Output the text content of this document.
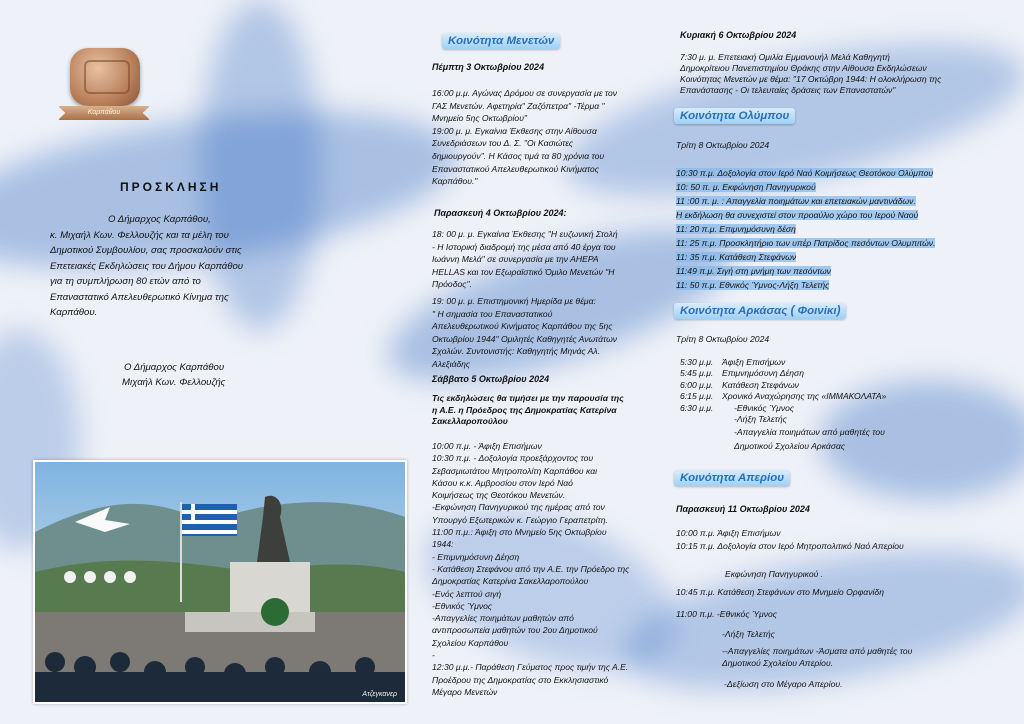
Καρπάθου
ΠΡΟΣΚΛΗΣΗ
Ο Δήμαρχος Καρπάθου,
κ. Μιχαήλ Κων. Φελλουζής και τα μέλη του
Δημοτικού Συμβουλίου, σας προσκαλούν στις
Επετειακές Εκδηλώσεις του Δήμου Καρπάθου
για τη συμπλήρωση 80 ετών από το
Επαναστατικό Απελευθερωτικό Κίνημα της
Καρπάθου.
Ο Δήμαρχος Καρπάθου
Μιχαήλ Κων. Φελλουζής
Ατζεγκανερ
Κοινότητα Μενετών
Πέμπτη 3 Οκτωβρίου 2024
16:00 μ.μ. Αγώνας Δρόμου σε συνεργασία με τον
ΓΑΣ Μενετών. Αφετηρία" Ζαζόπετρα" -Τέρμα "
Μνημείο 5ης Οκτωβρίου"
19:00 μ. μ. Εγκαίνια Έκθεσης στην Αίθουσα
Συνεδριάσεων του Δ. Σ. "Οι Κασιώτες
δημιουργούν". Η Κάσος τιμά τα 80 χρόνια του
Επαναστατικού Απελευθερωτικού Κινήματος
Καρπάθου."
Παρασκευή 4 Οκτωβρίου 2024:
18: 00 μ. μ. Εγκαίνια Έκθεσης "Η ευζωνική Στολή
- Η Ιστορική διαδρομή της μέσα από 40 έργα του
Ιωάννη Μελά" σε συνεργασία με την ΑΗΕΡΑ
HELLAS και τον Εξωραϊστικό Όμιλο Μενετών "Η
Πρόοδος".
19: 00 μ. μ. Επιστημονική Ημερίδα με θέμα:
" Η σημασία του Επαναστατικού
Απελευθερωτικού Κινήματος Καρπάθου της 5ης
Οκτωβρίου 1944" Ομιλητές Καθηγητές Ανωτάτων
Σχολών. Συντονιστής: Καθηγητής Μηνάς Αλ.
Αλεξιάδης
Σάββατο 5 Οκτωβρίου 2024
Τις εκδηλώσεις θα τιμήσει με την παρουσία της
η Α.Ε. η Πρόεδρος της Δημοκρατίας Κατερίνα
Σακελλαροπούλου
10:00 π.μ. - Άφιξη Επισήμων
10:30 π.μ. - Δοξολογία προεξάρχοντος του
Σεβασμιωτάτου Μητροπολίτη Καρπάθου και
Κάσου κ.κ. Αμβροσίου στον Ιερό Ναό
Κοιμήσεως της Θεοτόκου Μενετών.
-Εκφώνηση Πανηγυρικού της ημέρας από τον
Υπουργό Εξωτερικών κ. Γεώργιο Γεραπετρίτη.
11:00 π.μ.: Άφιξη στο Μνημείο 5ης Οκτωβρίου
1944:
- Επιμνημόσυνη Δέηση
- Κατάθεση Στεφάνου από την Α.Ε. την Πρόεδρο της
Δημοκρατίας Κατερίνα Σακελλαροπούλου
-Ενός λεπτού σιγή
-Εθνικός Ύμνος
-Απαγγελίες ποιημάτων μαθητών από
αντιπροσωπεία μαθητών του 2ου Δημοτικού
Σχολείου Καρπάθου
-
12:30 μ.μ.- Παράθεση Γεύματος προς τιμήν της Α.Ε.
Προέδρου της Δημοκρατίας στο Εκκλησιαστικό
Μέγαρο Μενετών
Κυριακή 6 Οκτωβρίου 2024
7:30 μ. μ. Επετειακή Ομιλία Εμμανουήλ Μελά Καθηγητή
Δημοκρίτειου Πανεπιστημίου Θράκης στην Αίθουσα Εκδηλώσεων
Κοινότητας Μενετών με θέμα: "17 Οκτώβρη 1944: Η ολοκλήρωση της
Επανάστασης - Οι τελευταίες δράσεις των Επαναστατών"
Κοινότητα Ολύμπου
Τρίτη 8 Οκτωβρίου 2024
10:30 π.μ. Δοξολογία στον Ιερό Ναό Κοιμήσεως Θεοτόκου Ολύμπου
10: 50 π. μ. Εκφώνηση Πανηγυρικού
11 :00 π. μ. : Απαγγελία ποιημάτων και επετειακών μαντινάδων.
Η εκδήλωση θα συνεχιστεί στον προαύλιο χώρο του Ιερού Ναού
11: 20 π.μ. Επιμνημόσυνη δέση
11: 25 π.μ. Προσκλητήριο των υπέρ Πατρίδος πεσόντων Ολυμπιτών.
11: 35 π.μ. Κατάθεση Στεφάνων
11:49 π.μ. Σιγή στη μνήμη των πεσόντων
11: 50 π.μ. Εθνικός Ύμνος-Λήξη Τελετής
Κοινότητα Αρκάσας ( Φοινίκι)
Τρίτη 8 Οκτωβρίου 2024
5:30 μ.μ.	Άφιξη Επισήμων
5:45 μ.μ.	Επιμνημόσυνη Δέηση
6:00 μ.μ.	Κατάθεση Στεφάνων
6:15 μ.μ.	Χρονικό Αναχώρησης της «ΙΜΜΑΚΟΛΑΤΑ»
6:30 μ.μ.	-Εθνικός Ύμνος
-Λήξη Τελετής
-Απαγγελία ποιημάτων από μαθητές του
Δημοτικού Σχολείου Αρκάσας
Κοινότητα Απερίου
Παρασκευή 11 Οκτωβρίου 2024
10:00 π.μ. Άφιξη Επισήμων
10:15 π.μ. Δοξολογία στον Ιερό Μητροπολιτικό Ναό Απερίου
Εκφώνηση Πανηγυρικού .
10:45 π.μ. Κατάθεση Στεφάνων στο Μνημείο Ορφανίδη
11:00 π.μ. -Εθνικός Ύμνος
-Λήξη Τελετής
--Απαγγελίες ποιημάτων -Άσματα από μαθητές του
Δημοτικού Σχολείου Απερίου.
-Δεξίωση στο Μέγαρο Απερίου.
